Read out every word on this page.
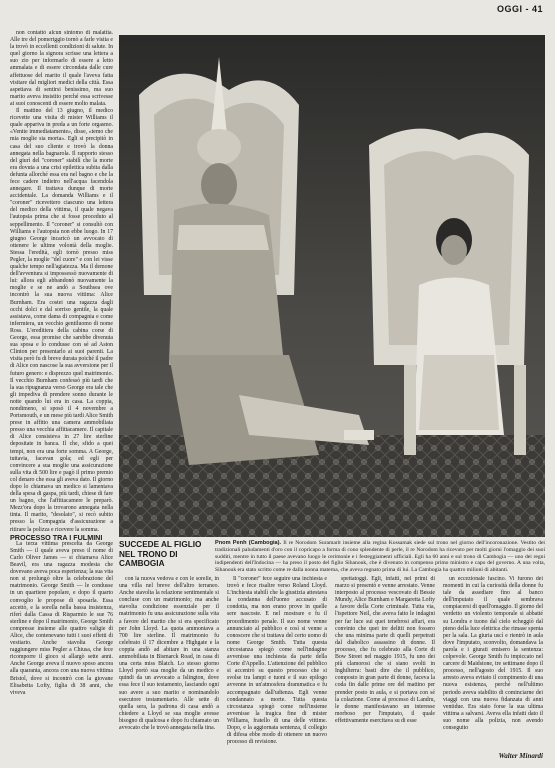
OGGI - 41

non contattò alcun sintomo di malattia. Alle tre del pomeriggio tornò a farle visita e la trovò in eccellenti condizioni di salute. In quel giorno la signora scrisse una lettera a suo zio per informarlo di essere a letto ammalata e di essere circondata dalle cure affettuose del marito il quale l'aveva fatta visitare dal migliori medici della città. Essa aspettava di sentirsi benissimo, ma suo marito aveva insistito perché essa scrivesse ai suoi conoscenti di essere molto malata.

Il mattino del 13 giugno, il medico ricevette una visita di mister Williams il quale appariva in preda a un forte orgasmo. «Venite immediatamente», disse, «temo che mia moglie sia morta». Egli si precipitò in casa del suo cliente e trovò la donna annegata nella bagnarola. Il rapporto stesso del giurì del "coroner" stabilì che la morte era dovuta a una crisi epilettica subita dalla defunta allorché essa era nel bagno e che la fece cadere indietro nell'acqua facendola annegare. Il trattava dunque di morte accidentale. La domanda Williams e il "coroner" ricevettero ciascuno una lettera del medico della vittima, il quale negava l'autopsia prima che si fosse proceduto al seppellimento. Il "coroner" si consultò con Williams e l'autopsia non ebbe luogo. In 17 giugno George incaricò un avvocato di ottenere le ultime volontà della moglie. Stessa l'eredità, egli tornò presso miss Pegler, la moglie "del cuore" e con lei visse qualche tempo nell'agiatezza. Ma il demone dell'avventura si impossessò nuovamente di lui: allora egli abbandonò nuovamente la moglie e se ne andò a Southsea ove incontrò la sua nuova vittima: Alice Burnham. Era costei una ragazza dagli occhi dolci e dal sorriso gentile, la quale assistava, come dama di compagnia e come infermiera, un vecchio gentiluomo di nome Ross. L'ereditiera della cabina corse di George, essa promise che sarebbe divenuta sua sposa e lo condusse con sé ad Aston Clinton per presentarlo ai suoi parenti. La visita però fu di breve durata poiché il padre di Alice con nascose la sua avversione per il futuro genero: e disprezzo quel matrimonio. Il vecchio Burnham confessò più tardi che la sua ripugnanza verso George era tale che gli impediva di prendere sonno durante le notte quando lui era in casa. La coppia, nondimeno, si sposò il 4 novembre a Portsmouth, e un mese più tardi Alice Smith prese in affitto una camera ammobiliata presso una vecchia affittacamere. Il capitale di Alice consisteva in 27 lire sterline depositate in banca. Il che, sfido a quei tempi, non era una forte somma. A George, tuttavia, facevan gola; ed egli per convincere a sua moglie una assicurazione sulla vita di 500 lire e pagò il primo premio col denaro che essa gli aveva dato. Il giorno dopo lo chiamava un medico si lamentava della spesa di gaspa, più tardi, chiese di fare un bagno, che l'affittacamere le preparò. Mezz'ora dopo la trovarono annegata nella tinta. Il marito, "desolato", si recò subito presso la Compagnia d'assicurazione a ritirare la polizza e ricevere la somma.

PROCESSO TRA I FULMINI

La terza vittima prescelta da George Smith — il quale aveva preso il nome di Carlo Oliver James — si chiamava Alice Beavil, era una ragazza modesta che dovevano aveva poca esperienza; la sua vita non si prolungò oltre la celebrazione del matrimonio. George Smith — le condusse in un quartiere popolare, e dopo il quarto convoglio le propose di sposarla. Essa accettò, e la sorella nella bassa insistenza, riferì dalla Cassa di Risparmio le sue 76 sterline e dopo il matrimonio, George Smith compresse insieme alle quattro valigie di Alice, che contenevano tutti i suoi effetti di vestiario. Anche stavolta George raggiungere miss Pegler a Chiusa, che fece ricomporre il gioco si allargò sette anni. Anche George aveva il nuovo sposo ancora alla quaranta, ancora con una nuova vittima Bristol, dove si incontrò con la giovane Elisabetta Lofty, figlia di 38 anni, che viveva

SUCCEDE AL FIGLIO NEL TRONO DI CAMBOGIA
Pnom Penh (Cambogia). Il re Norodom Suramarit insieme alla regina Kossamak siede sul trono nel giorno dell'incoronazione. Vestito dei tradizionali paludamenti d'oro con il copricapo a forma di cono splendente di perle, il re Norodom ha ricevuto per molti giorni l'omaggio dei suoi sudditi, mentre in tutto il paese avevano luogo le cerimonie e i festeggiamenti ufficiali. Egli ha 60 anni e sul trono di Cambogia — uno dei regni indipendenti dell'Indocina — ha preso il posto del figlio Sihanouk, che è divenuto in compenso primo ministro e capo del governo. A una volta, Sihanouk era stato scritto come re dalla nonna materna, che aveva regnato prima di lui. La Cambogia ha quattro milioni di abitanti.

con la nuova vedova e con le sorelle, in una villa nel breve dell'altro terraneo. Anche stavolta la relazione sentimentale si concluse con un matrimonio; ma anche stavolta condizione essenziale per il matrimonio fu una assicurazione sulla vita a favore del marito che si era specificato per John Lloyd. La quota ammontava a 700 lire sterline. Il matrimonio fu celebrato il 17 dicembre a Highgate e la coppia andò ad abitare in una stanza ammobiliata in Bismarck Road, in casa di una certa miss Blatch. Lo stesso giorno Lloyd portò sua moglie da un medico e quindi da un avvocato a Islington, dove essa fece il suo testamento, lasciando ogni suo avere a suo marito e nominandolo esecutore testamentario. Alle sette di quella sera, la padrona di casa andò a chiedere a Lloyd se sua moglie avesse bisogno di qualcosa e dopo fu chiamato un avvocato che le trovò annegata nella tina.

Il "coroner" fece seguire una inchiesta e trovò e fece risalire verso Roland Lloyd. L'inchiesta stabilì che la giustizia attestava la condanna dell'uomo accusato di condotta, ma non erano prove in quelle sere nascoste. E nel mostrare e fu il procedimento penale. Il suo nome venne annunciato al pubblico e così si venne a conoscere che si trattava del certo uomo di nome George Smith. Tutta questa circostanza spiegò come nell'indagine avvenisse una inchiesta da parte della Corte d'Appello. L'attenzione del pubblico si accentrò su questo processo che si svolse tra lampi e tuoni e il suo epilogo avvenne in un'atmosfera drammatica e fu accompagnato dall'udienza. Egli venne condannato a morte. Tutta questa circostanza spiegò come nell'insieme avvenisse la tragica fine di mister Williams, fratello di una delle vittime. Dopo, e la aggiornata sentenza, il collegio di difesa ebbe modo di ottenere un nuovo processo di revisione.

spettatoggi. Egli, infatti, nel primi di marzo si presentò e venne arrestato. Venne interposto al processo vescovato di Bessie Mundy, Alice Burnham e Margaretta Lofty a favore della Corte criminale. Tutta via, l'ispettore Neil, che aveva fatto le indagini per far luce sui quei tenebrosi affari, era convinto che quei tre delitti non fossero che una minima parte di quelli perpetrati dal diabolico assassino di donne. Il processo, che fu celebrato alla Corte di Bow Street nel maggio 1915, fu uno dei più clamorosi che si siano svolti in Inghilterra: basti dire che il pubblico, composto in gran parte di donne, faceva la coda fin dalle prime ore del mattino per prender posto in aula, e si portava con sé la colazione. Come al processo di Landru, le donne manifestavano un interesse morboso per l'imputato, il quale effettivamente esercitava su di esse

un eccezionale fascino. Vi furono dei momenti in cui la curiosità della donne fu tale da assediare fino al banco dell'imputato il quale sembrava compiacersi di quell'omaggio. Il giorno del verdetto un violento temporale si abbatté su Londra e tuono dal cielo echeggiò dal pieno della luce elettrica che rimase spenta per la sala. La giuria uscì e rientrò in aula dove l'imputato, sconvolto, domandava la parola e i giurati emisero la sentenza: colpevole. George Smith fu impiccato nel carcere di Maidstone, tre settimane dopo il processo, nell'agosto del 1915. Il suo arresto aveva evitato il compimento di una nuova esistenza, perché nell'ultimo periodo aveva stabilito di cominciarne dei viaggi con una nuova fidanzata di anni ventidue. Era stato forse la sua ultima vittima a salvarsi. Aveva ella infatti dato il suo nome alla polizia, non avendo conseguito

Walter Minardi
